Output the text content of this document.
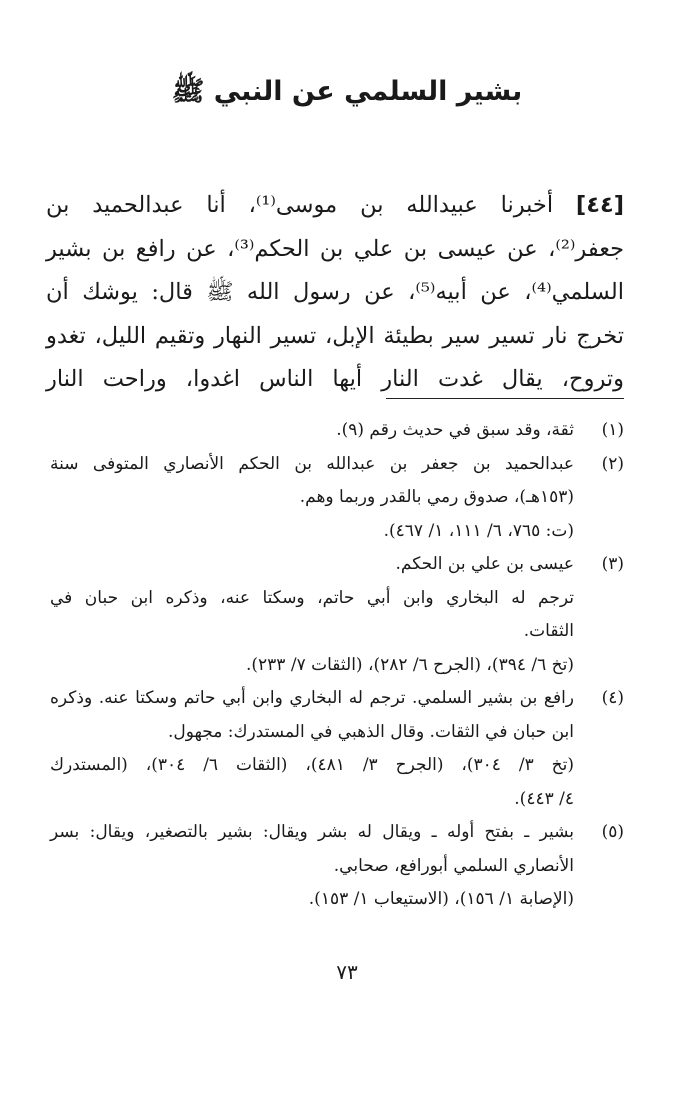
بشير السلمي عن النبي ﷺ
[٤٤] أخبرنا عبيدالله بن موسى⁽¹⁾، أنا عبدالحميد بن
جعفر⁽²⁾، عن عيسى بن علي بن الحكم⁽³⁾، عن رافع بن بشير
السلمي⁽⁴⁾، عن أبيه⁽⁵⁾، عن رسول الله ﷺ قال: يوشك أن
تخرج نار تسير سير بطيئة الإبل، تسير النهار وتقيم الليل، تغدو
وتروح، يقال غدت النار أيها الناس اغدوا، وراحت النار
(١)
ثقة، وقد سبق في حديث رقم (٩).
(٢)
عبدالحميد بن جعفر بن عبدالله بن الحكم الأنصاري المتوفى سنة
(١٥٣هـ)، صدوق رمي بالقدر وربما وهم.
(ت: ٧٦٥، ٦/ ١١١، ١/ ٤٦٧).
(٣)
عيسى بن علي بن الحكم.
ترجم له البخاري وابن أبي حاتم، وسكتا عنه، وذكره ابن حبان في
الثقات.
(تخ ٦/ ٣٩٤)، (الجرح ٦/ ٢٨٢)، (الثقات ٧/ ٢٣٣).
(٤)
رافع بن بشير السلمي. ترجم له البخاري وابن أبي حاتم وسكتا عنه. وذكره
ابن حبان في الثقات. وقال الذهبي في المستدرك: مجهول.
(تخ ٣/ ٣٠٤)، (الجرح ٣/ ٤٨١)، (الثقات ٦/ ٣٠٤)، (المستدرك
٤/ ٤٤٣).
(٥)
بشير ـ بفتح أوله ـ ويقال له بشر ويقال: بشير بالتصغير، ويقال: بسر
الأنصاري السلمي أبورافع، صحابي.
(الإصابة ١/ ١٥٦)، (الاستيعاب ١/ ١٥٣).
٧٣
